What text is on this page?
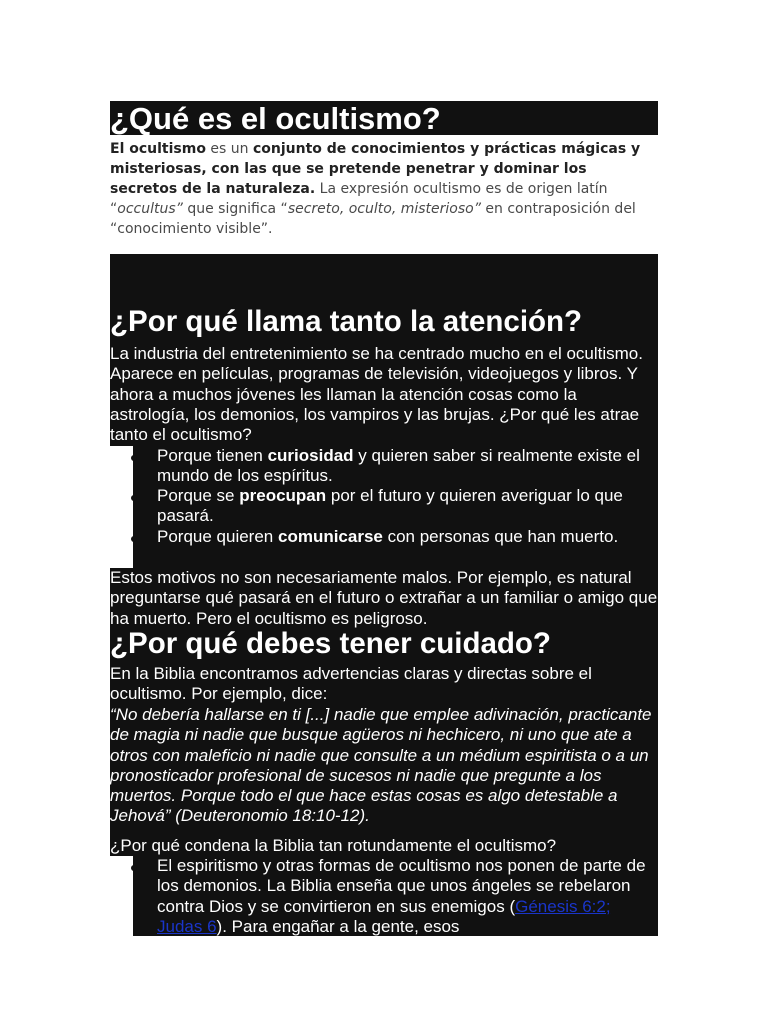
¿Qué es el ocultismo?

El ocultismo es un conjunto de conocimientos y prácticas mágicas y misteriosas, con las que se pretende penetrar y dominar los secretos de la naturaleza. La expresión ocultismo es de origen latín “occultus” que significa “secreto, oculto, misterioso” en contraposición del “conocimiento visible”.

¿Por qué llama tanto la atención?

La industria del entretenimiento se ha centrado mucho en el ocultismo. Aparece en películas, programas de televisión, videojuegos y libros. Y ahora a muchos jóvenes les llaman la atención cosas como la astrología, los demonios, los vampiros y las brujas. ¿Por qué les atrae tanto el ocultismo?

Porque tienen curiosidad y quieren saber si realmente existe el mundo de los espíritus.

Porque se preocupan por el futuro y quieren averiguar lo que pasará.

Porque quieren comunicarse con personas que han muerto.

Estos motivos no son necesariamente malos. Por ejemplo, es natural preguntarse qué pasará en el futuro o extrañar a un familiar o amigo que ha muerto. Pero el ocultismo es peligroso.

¿Por qué debes tener cuidado?

En la Biblia encontramos advertencias claras y directas sobre el ocultismo. Por ejemplo, dice:

“No debería hallarse en ti [...] nadie que emplee adivinación, practicante de magia ni nadie que busque agüeros ni hechicero, ni uno que ate a otros con maleficio ni nadie que consulte a un médium espiritista o a un pronosticador profesional de sucesos ni nadie que pregunte a los muertos. Porque todo el que hace estas cosas es algo detestable a Jehová” (Deuteronomio 18:10-12).

¿Por qué condena la Biblia tan rotundamente el ocultismo?

El espiritismo y otras formas de ocultismo nos ponen de parte de los demonios. La Biblia enseña que unos ángeles se rebelaron contra Dios y se convirtieron en sus enemigos (Génesis 6:2; Judas 6). Para engañar a la gente, esos
